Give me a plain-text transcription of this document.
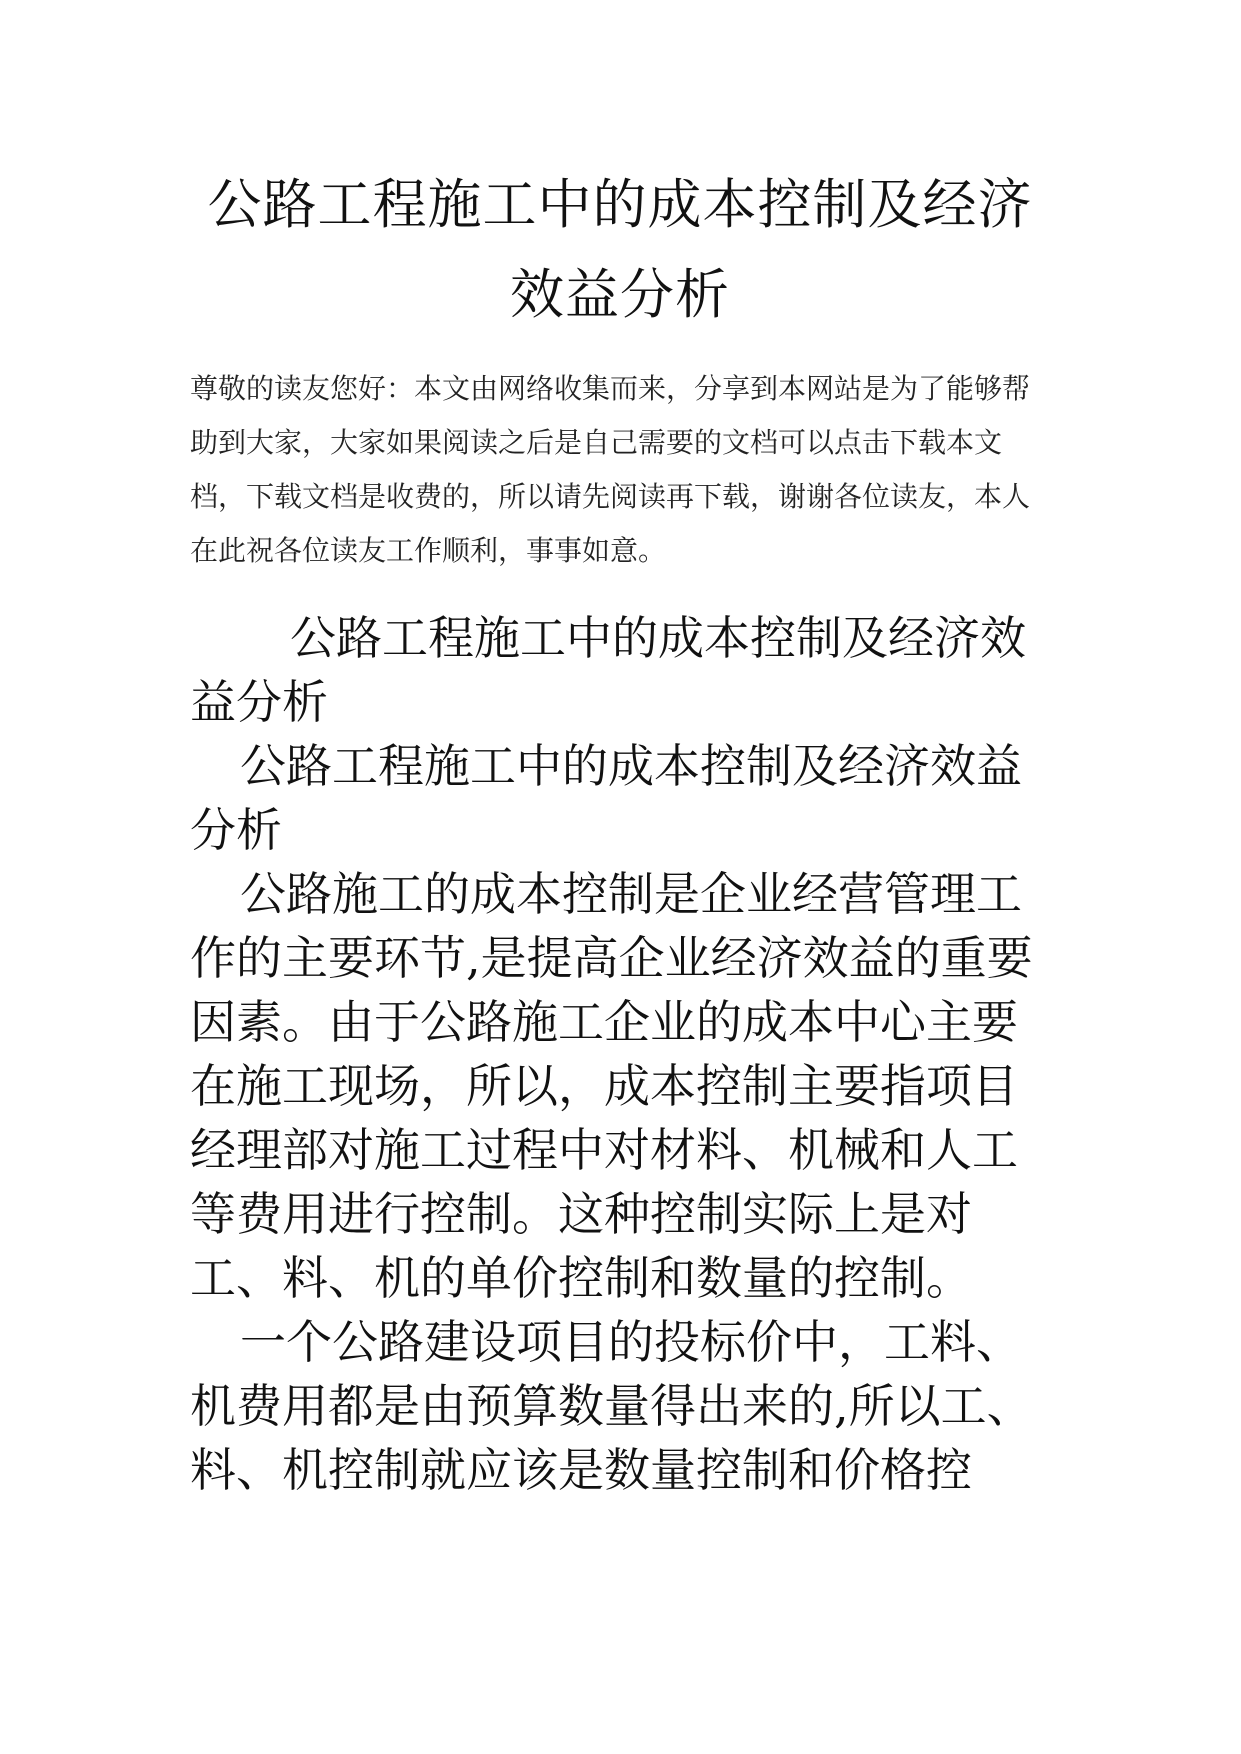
公路工程施工中的成本控制及经济
效益分析

尊敬的读友您好：本文由网络收集而来，分享到本网站是为了能够帮助到大家，大家如果阅读之后是自己需要的文档可以点击下载本文档，下载文档是收费的，所以请先阅读再下载，谢谢各位读友，本人在此祝各位读友工作顺利，事事如意。

公路工程施工中的成本控制及经济效益分析

公路工程施工中的成本控制及经济效益分析

公路施工的成本控制是企业经营管理工作的主要环节,是提高企业经济效益的重要因素。由于公路施工企业的成本中心主要在施工现场，所以，成本控制主要指项目经理部对施工过程中对材料、机械和人工等费用进行控制。这种控制实际上是对工、料、机的单价控制和数量的控制。

一个公路建设项目的投标价中，工料、机费用都是由预算数量得出来的,所以工、料、机控制就应该是数量控制和价格控
